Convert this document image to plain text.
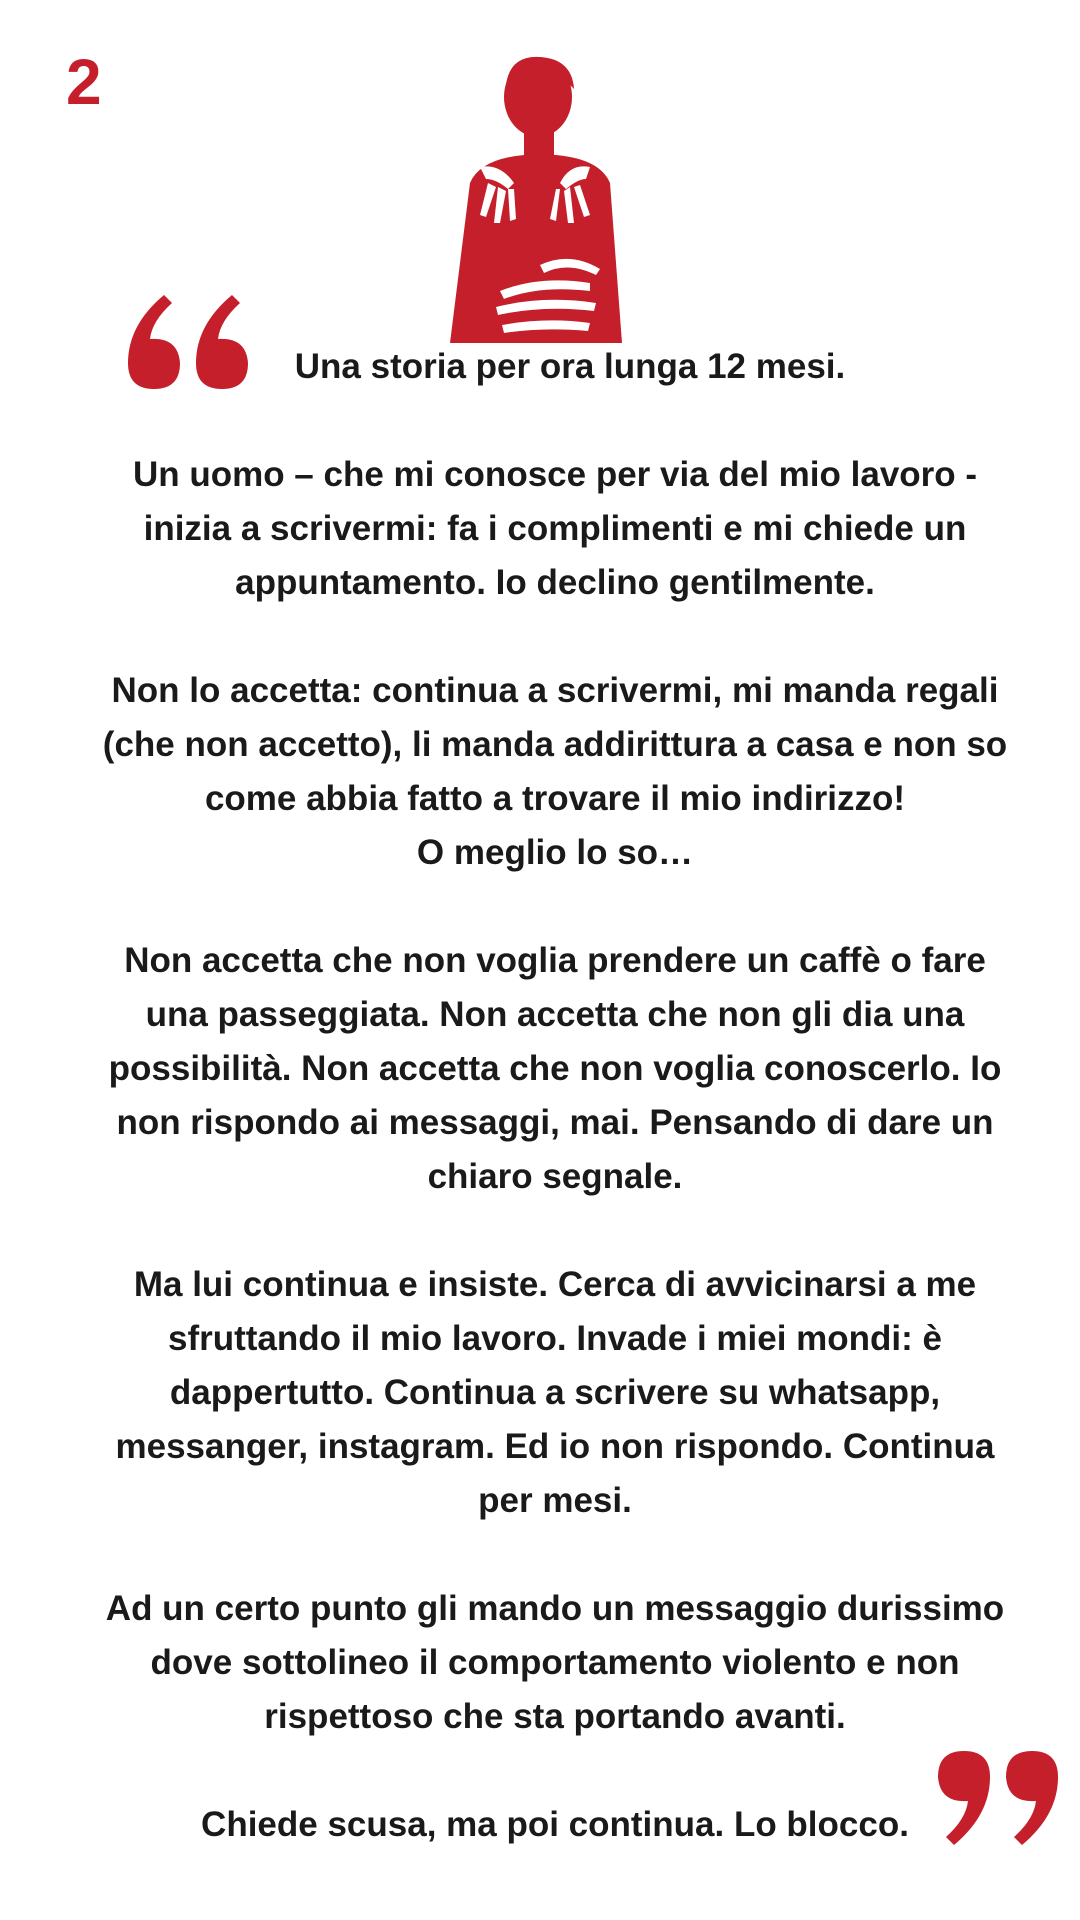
2
Una storia per ora lunga 12 mesi.
Un uomo – che mi conosce per via del mio lavoro -
inizia a scrivermi: fa i complimenti e mi chiede un
appuntamento. Io declino gentilmente.
Non lo accetta: continua a scrivermi, mi manda regali
(che non accetto), li manda addirittura a casa e non so
come abbia fatto a trovare il mio indirizzo!
O meglio lo so…
Non accetta che non voglia prendere un caffè o fare
una passeggiata. Non accetta che non gli dia una
possibilità. Non accetta che non voglia conoscerlo. Io
non rispondo ai messaggi, mai. Pensando di dare un
chiaro segnale.
Ma lui continua e insiste. Cerca di avvicinarsi a me
sfruttando il mio lavoro. Invade i miei mondi: è
dappertutto. Continua a scrivere su whatsapp,
messanger, instagram. Ed io non rispondo. Continua
per mesi.
Ad un certo punto gli mando un messaggio durissimo
dove sottolineo il comportamento violento e non
rispettoso che sta portando avanti.
Chiede scusa, ma poi continua. Lo blocco.
